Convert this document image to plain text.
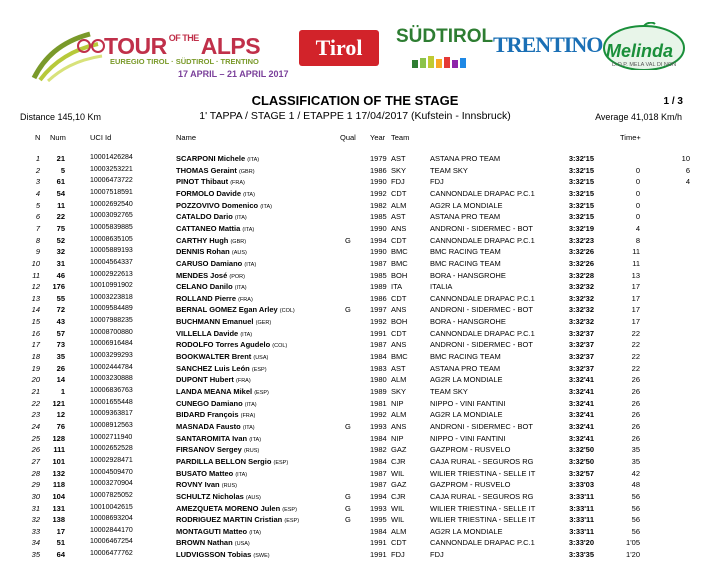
TOUR $^{OF THE}$ALPS
EUREGIO TIROL · SÜDTIROL · TRENTINO
17 APRIL – 21 APRIL 2017
Tirol	SÜDTIROL TRENTINO Melinda
D.O.P. MELA VAL DI NON
CLASSIFICATION OF THE STAGE	1 / 3
Distance 145,10 Km	1' TAPPA / STAGE 1 / ETAPPE 1 17/04/2017 (Kufstein - Innsbruck)	Average 41,018 Km/h
N Num	UCI Id	Name	Qual Year Team	Time+
1	21	10001426284	SCARPONI Michele (ITA)	1979 AST	ASTANA PRO TEAM	3:32'15	10
2	5	10003253221	THOMAS Geraint (GBR)	1986 SKY	TEAM SKY	3:32'15	0	6
3	61	10006473722	PINOT Thibaut (FRA)	1990 FDJ	FDJ	3:32'15	0	4
4	54	10007518591	FORMOLO Davide (ITA)	1992 CDT	CANNONDALE DRAPAC P.C.1	3:32'15	0
5	11	10002692540	POZZOVIVO Domenico (ITA)	1982 ALM	AG2R LA MONDIALE	3:32'15	0
6	22	10003092765	CATALDO Dario (ITA)	1985 AST	ASTANA PRO TEAM	3:32'15	0
7	75	10005839885	CATTANEO Mattia (ITA)	1990 ANS	ANDRONI - SIDERMEC - BOT	3:32'19	4
8	52	10008635105	CARTHY Hugh (GBR)	G	1994 CDT	CANNONDALE DRAPAC P.C.1	3:32'23	8
9	32	10005889193	DENNIS Rohan (AUS)	1990 BMC	BMC RACING TEAM	3:32'26	11
10	31	10004564337	CARUSO Damiano (ITA)	1987 BMC	BMC RACING TEAM	3:32'26	11
11	46	10002922613	MENDES José (POR)	1985 BOH	BORA - HANSGROHE	3:32'28	13
12	176	10010991902	CELANO Danilo (ITA)	1989 ITA	ITALIA	3:32'32	17
13	55	10003223818	ROLLAND Pierre (FRA)	1986 CDT	CANNONDALE DRAPAC P.C.1	3:32'32	17
14	72	10009584489	BERNAL GOMEZ Egan Arley (COL)	G	1997 ANS	ANDRONI - SIDERMEC - BOT	3:32'32	17
15	43	10007988235	BUCHMANN Emanuel (GER)	1992 BOH	BORA - HANSGROHE	3:32'32	17
16	57	10008700880	VILLELLA Davide (ITA)	1991 CDT	CANNONDALE DRAPAC P.C.1	3:32'37	22
17	73	10006916484	RODOLFO Torres Agudelo (COL)	1987 ANS	ANDRONI - SIDERMEC - BOT	3:32'37	22
18	35	10003299293	BOOKWALTER Brent (USA)	1984 BMC	BMC RACING TEAM	3:32'37	22
19	26	10002444784	SANCHEZ Luis León (ESP)	1983 AST	ASTANA PRO TEAM	3:32'37	22
20	14	10003230888	DUPONT Hubert (FRA)	1980 ALM	AG2R LA MONDIALE	3:32'41	26
21	1	10006836763	LANDA MEANA Mikel (ESP)	1989 SKY	TEAM SKY	3:32'41	26
22	121	10001655448	CUNEGO Damiano (ITA)	1981 NIP	NIPPO - VINI FANTINI	3:32'41	26
23	12	10009363817	BIDARD François (FRA)	1992 ALM	AG2R LA MONDIALE	3:32'41	26
24	76	10008912563	MASNADA Fausto (ITA)	G	1993 ANS	ANDRONI - SIDERMEC - BOT	3:32'41	26
25	128	10002711940	SANTAROMITA Ivan (ITA)	1984 NIP	NIPPO - VINI FANTINI	3:32'41	26
26	111	10002652528	FIRSANOV Sergey (RUS)	1982 GAZ	GAZPROM - RUSVELO	3:32'50	35
27	101	10002928471	PARDILLA BELLON Sergio (ESP)	1984 CJR	CAJA RURAL - SEGUROS RG	3:32'50	35
28	132	10004509470	BUSATO Matteo (ITA)	1987 WIL	WILIER TRIESTINA - SELLE IT	3:32'57	42
29	118	10003270904	ROVNY Ivan (RUS)	1987 GAZ	GAZPROM - RUSVELO	3:33'03	48
30	104	10007825052	SCHULTZ Nicholas (AUS)	G	1994 CJR	CAJA RURAL - SEGUROS RG	3:33'11	56
31	131	10010042615	AMEZQUETA MORENO Julen (ESP)	G	1993 WIL	WILIER TRIESTINA - SELLE IT	3:33'11	56
32	138	10008693204	RODRIGUEZ MARTIN Cristian (ESP)	G	1995 WIL	WILIER TRIESTINA - SELLE IT	3:33'11	56
33	17	10002844170	MONTAGUTI Matteo (ITA)	1984 ALM	AG2R LA MONDIALE	3:33'11	56
34	51	10006467254	BROWN Nathan (USA)	1991 CDT	CANNONDALE DRAPAC P.C.1	3:33'20	1'05
35	64	10006477762	LUDVIGSSON Tobias (SWE)	1991 FDJ	FDJ	3:33'35	1'20
